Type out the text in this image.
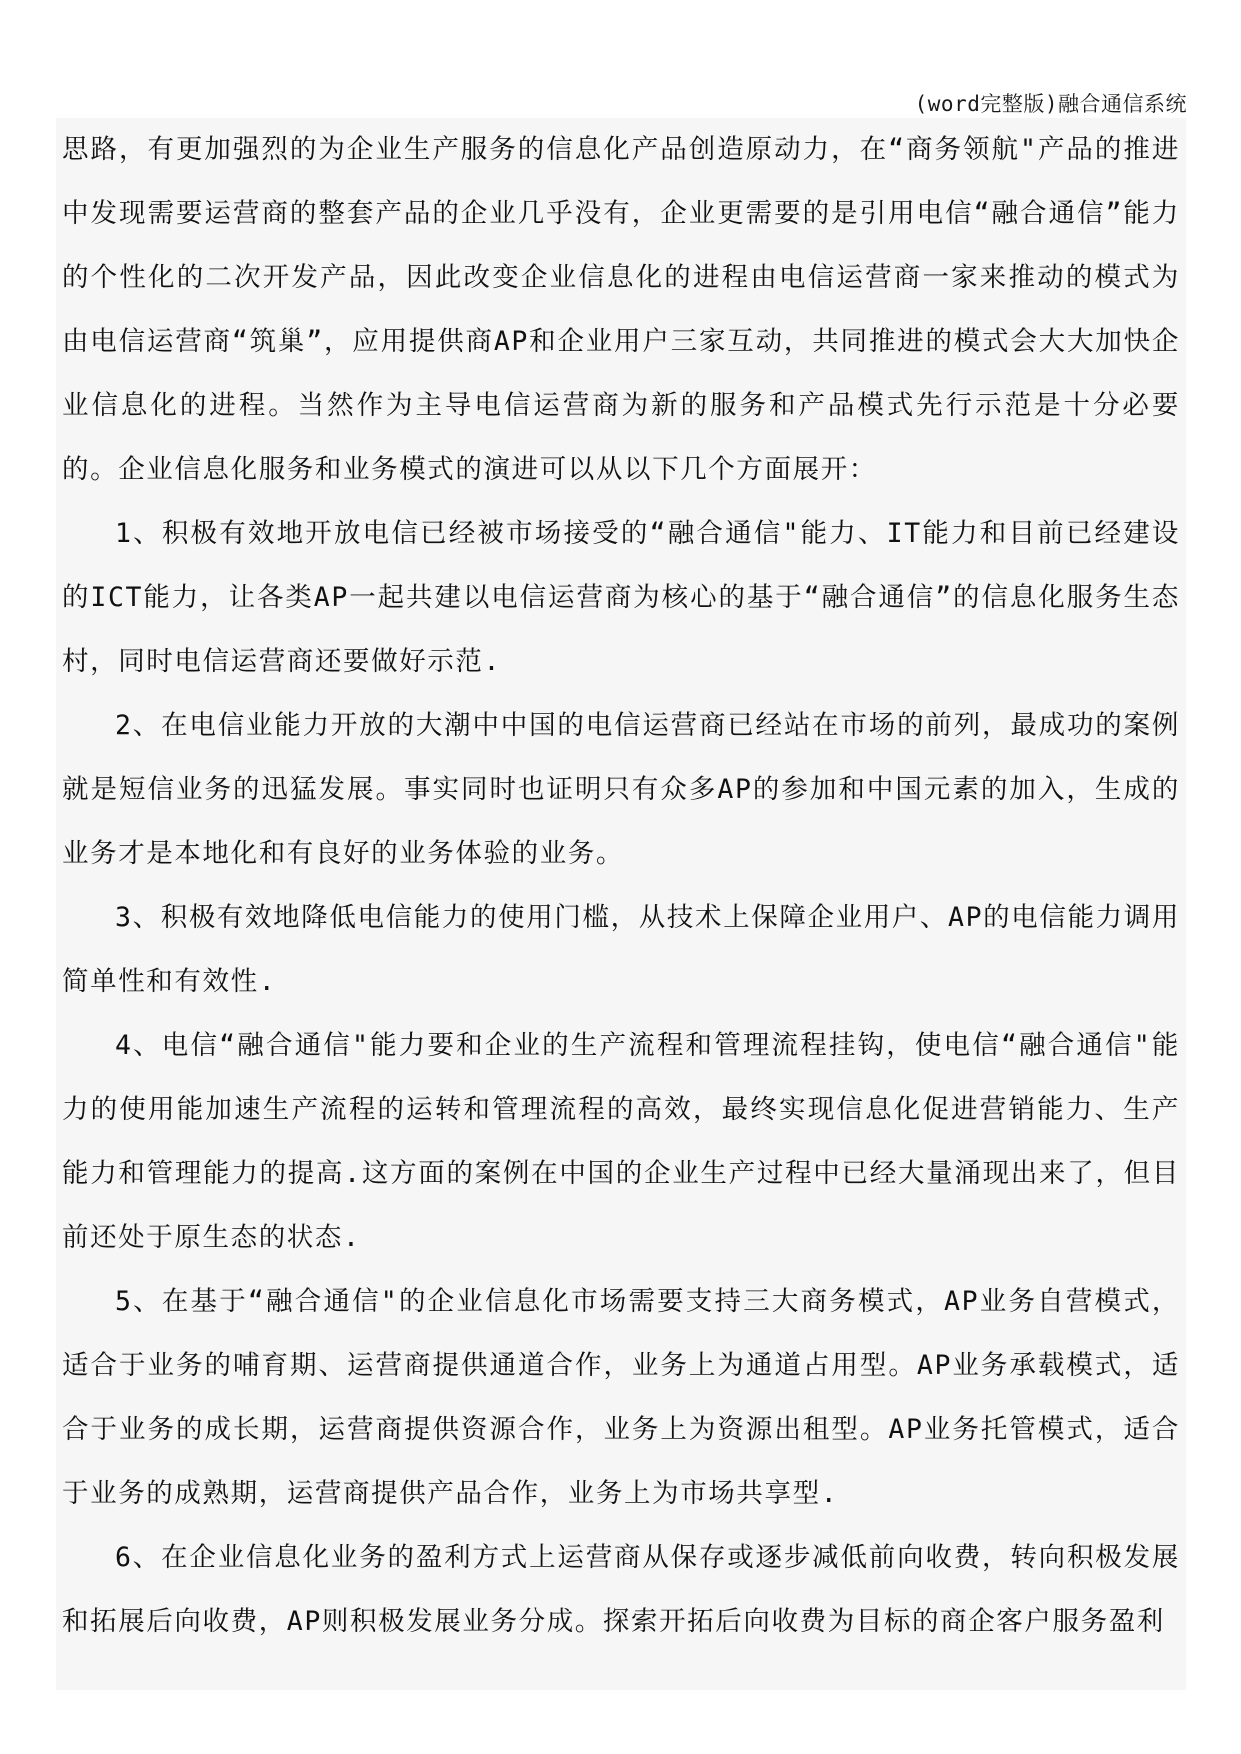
(word完整版)融合通信系统

思路，有更加强烈的为企业生产服务的信息化产品创造原动力，在“商务领航"产品的推进中发现需要运营商的整套产品的企业几乎没有，企业更需要的是引用电信“融合通信”能力的个性化的二次开发产品，因此改变企业信息化的进程由电信运营商一家来推动的模式为由电信运营商“筑巢”，应用提供商AP和企业用户三家互动，共同推进的模式会大大加快企业信息化的进程。当然作为主导电信运营商为新的服务和产品模式先行示范是十分必要的。企业信息化服务和业务模式的演进可以从以下几个方面展开：

1、积极有效地开放电信已经被市场接受的“融合通信"能力、IT能力和目前已经建设的ICT能力，让各类AP一起共建以电信运营商为核心的基于“融合通信”的信息化服务生态村，同时电信运营商还要做好示范.

2、在电信业能力开放的大潮中中国的电信运营商已经站在市场的前列，最成功的案例就是短信业务的迅猛发展。事实同时也证明只有众多AP的参加和中国元素的加入，生成的业务才是本地化和有良好的业务体验的业务。

3、积极有效地降低电信能力的使用门槛，从技术上保障企业用户、AP的电信能力调用简单性和有效性.

4、电信“融合通信"能力要和企业的生产流程和管理流程挂钩，使电信“融合通信"能力的使用能加速生产流程的运转和管理流程的高效，最终实现信息化促进营销能力、生产能力和管理能力的提高.这方面的案例在中国的企业生产过程中已经大量涌现出来了，但目前还处于原生态的状态.

5、在基于“融合通信"的企业信息化市场需要支持三大商务模式，AP业务自营模式，适合于业务的哺育期、运营商提供通道合作，业务上为通道占用型。AP业务承载模式，适合于业务的成长期，运营商提供资源合作，业务上为资源出租型。AP业务托管模式，适合于业务的成熟期，运营商提供产品合作，业务上为市场共享型.

6、在企业信息化业务的盈利方式上运营商从保存或逐步减低前向收费，转向积极发展和拓展后向收费，AP则积极发展业务分成。探索开拓后向收费为目标的商企客户服务盈利
